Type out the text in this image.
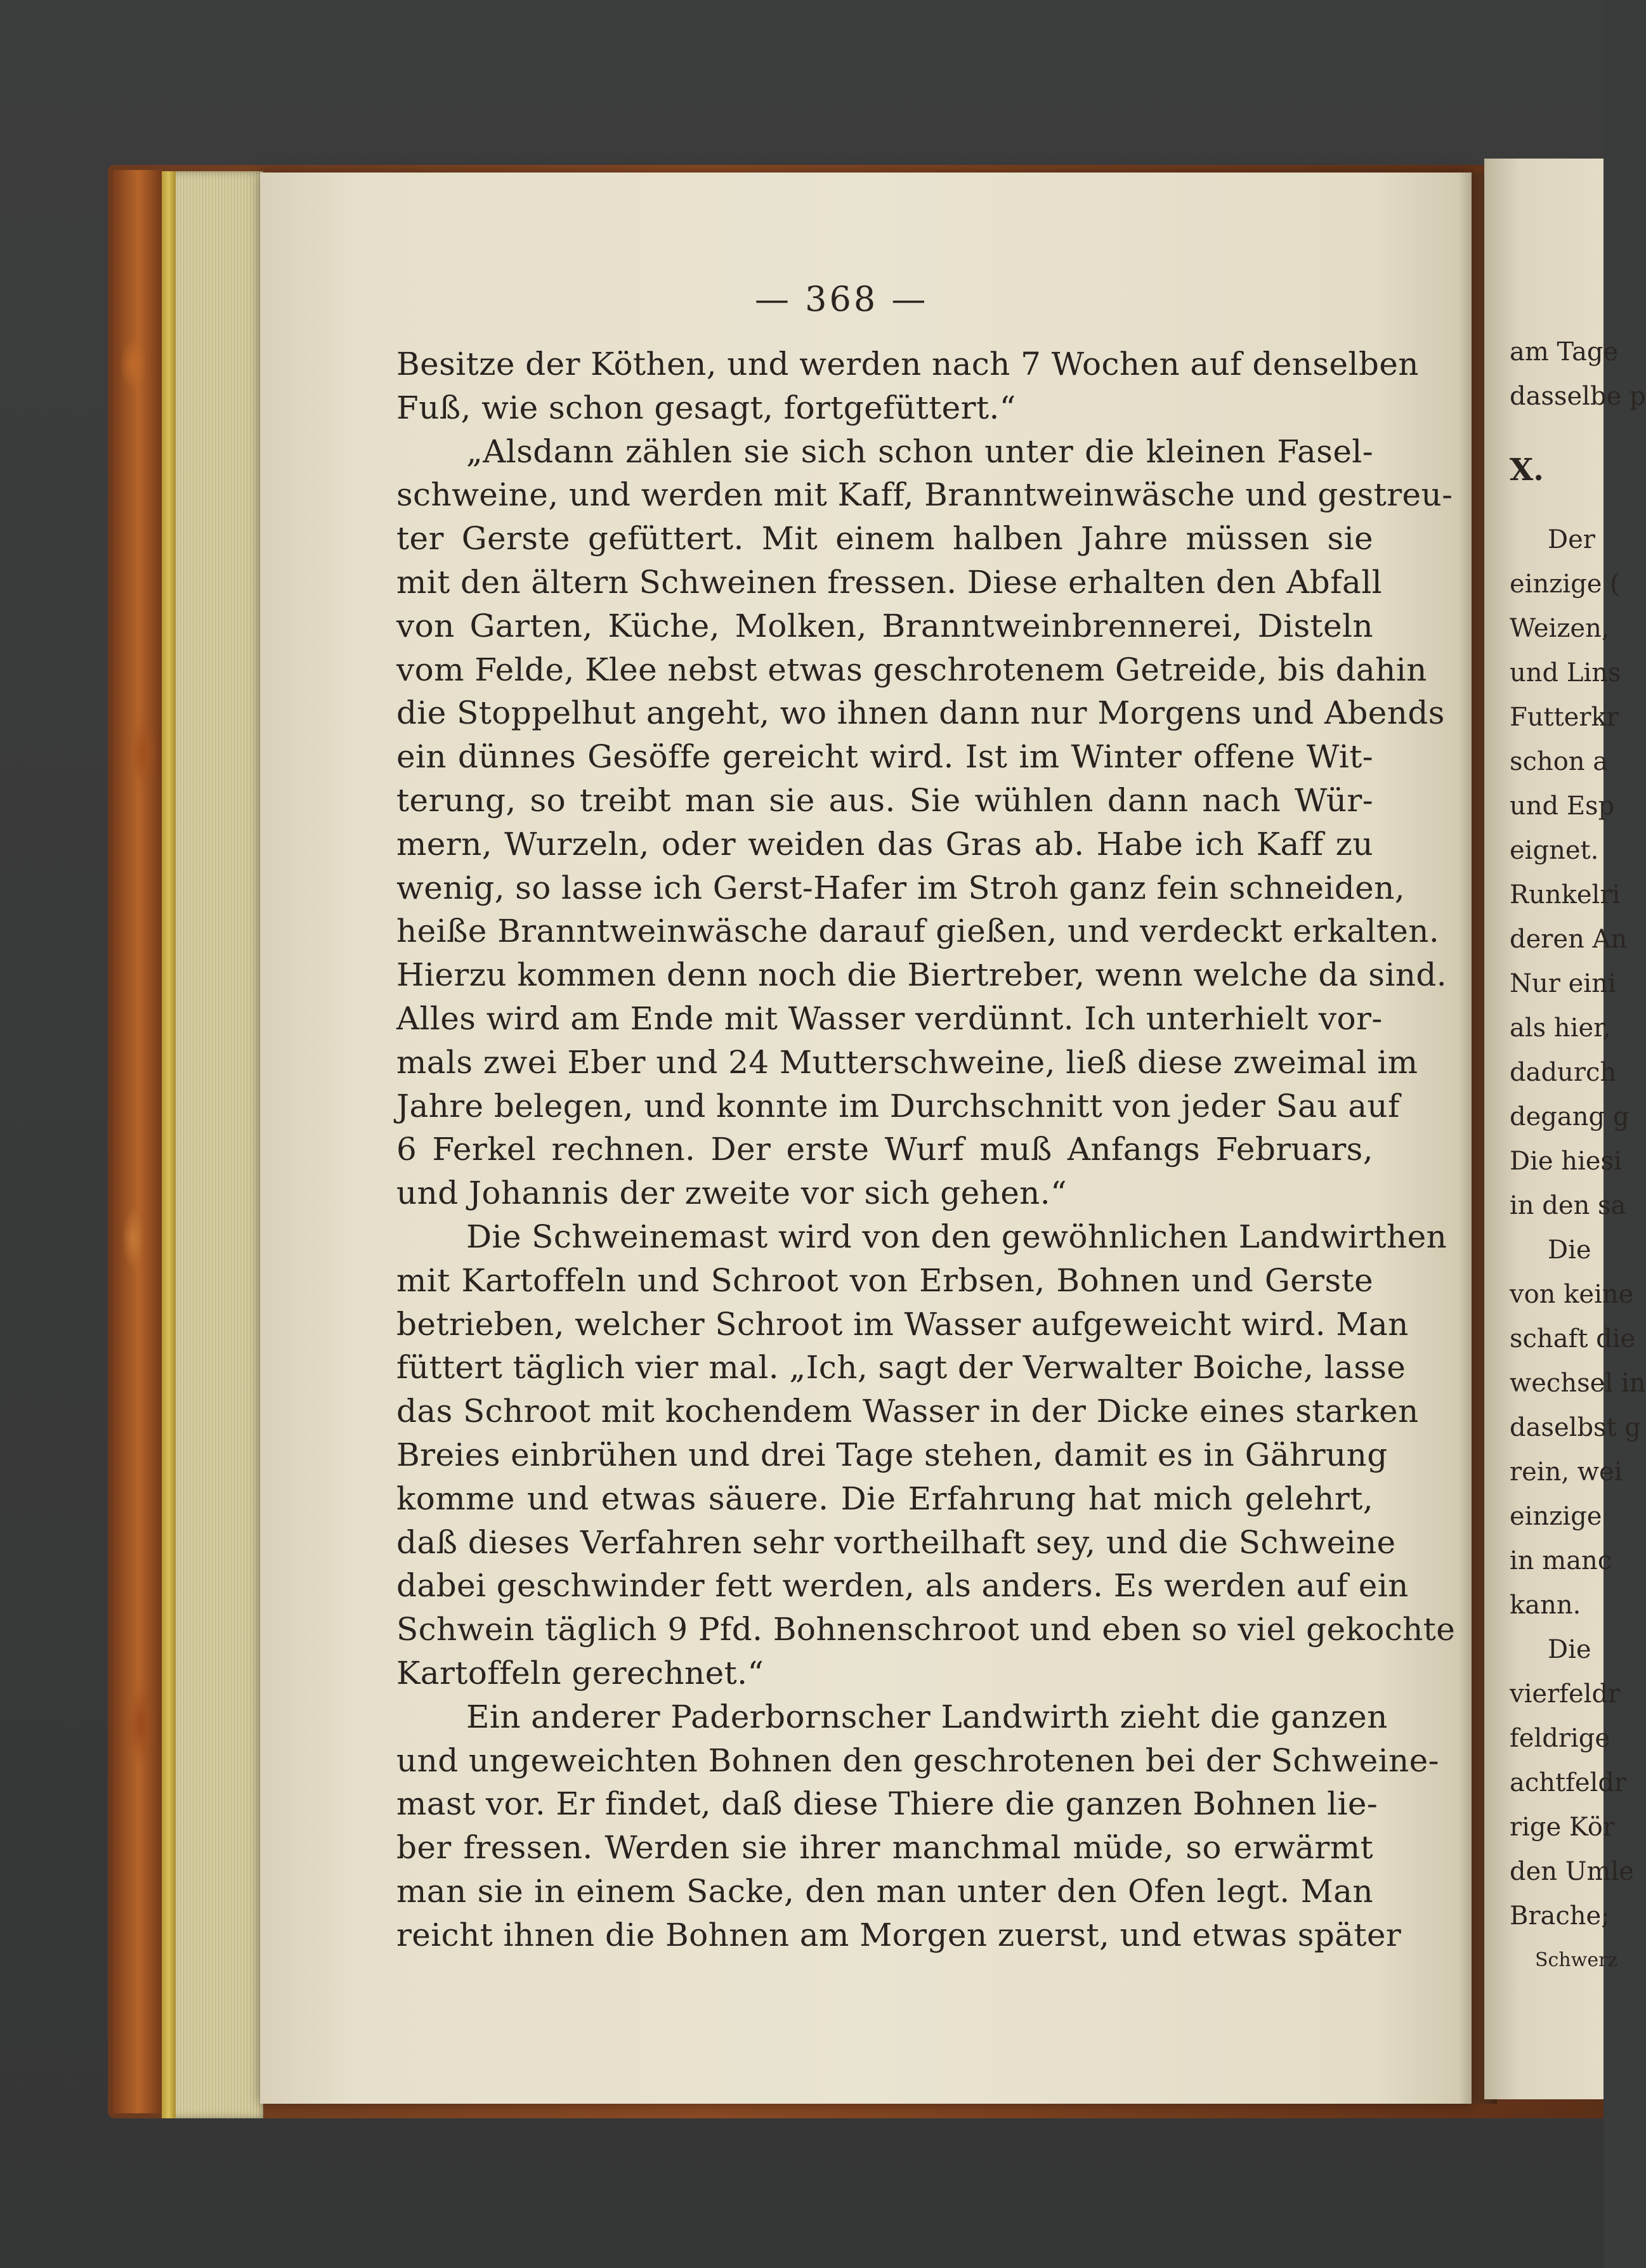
— 368 —
Besitze der Köthen, und werden nach 7 Wochen auf denselben
Fuß, wie schon gesagt, fortgefüttert.“
„Alsdann zählen sie sich schon unter die kleinen Fasel-
schweine, und werden mit Kaff, Branntweinwäsche und gestreu-
ter Gerste gefüttert. Mit einem halben Jahre müssen sie
mit den ältern Schweinen fressen. Diese erhalten den Abfall
von Garten, Küche, Molken, Branntweinbrennerei, Disteln
vom Felde, Klee nebst etwas geschrotenem Getreide, bis dahin
die Stoppelhut angeht, wo ihnen dann nur Morgens und Abends
ein dünnes Gesöffe gereicht wird. Ist im Winter offene Wit-
terung, so treibt man sie aus. Sie wühlen dann nach Wür-
mern, Wurzeln, oder weiden das Gras ab. Habe ich Kaff zu
wenig, so lasse ich Gerst-Hafer im Stroh ganz fein schneiden,
heiße Branntweinwäsche darauf gießen, und verdeckt erkalten.
Hierzu kommen denn noch die Biertreber, wenn welche da sind.
Alles wird am Ende mit Wasser verdünnt. Ich unterhielt vor-
mals zwei Eber und 24 Mutterschweine, ließ diese zweimal im
Jahre belegen, und konnte im Durchschnitt von jeder Sau auf
6 Ferkel rechnen. Der erste Wurf muß Anfangs Februars,
und Johannis der zweite vor sich gehen.“
Die Schweinemast wird von den gewöhnlichen Landwirthen
mit Kartoffeln und Schroot von Erbsen, Bohnen und Gerste
betrieben, welcher Schroot im Wasser aufgeweicht wird. Man
füttert täglich vier mal. „Ich, sagt der Verwalter Boiche, lasse
das Schroot mit kochendem Wasser in der Dicke eines starken
Breies einbrühen und drei Tage stehen, damit es in Gährung
komme und etwas säuere. Die Erfahrung hat mich gelehrt,
daß dieses Verfahren sehr vortheilhaft sey, und die Schweine
dabei geschwinder fett werden, als anders. Es werden auf ein
Schwein täglich 9 Pfd. Bohnenschroot und eben so viel gekochte
Kartoffeln gerechnet.“
Ein anderer Paderbornscher Landwirth zieht die ganzen
und ungeweichten Bohnen den geschrotenen bei der Schweine-
mast vor. Er findet, daß diese Thiere die ganzen Bohnen lie-
ber fressen. Werden sie ihrer manchmal müde, so erwärmt
man sie in einem Sacke, den man unter den Ofen legt. Man
reicht ihnen die Bohnen am Morgen zuerst, und etwas später
am Tage
dasselbe p
X.
Der
einzige (
Weizen,
und Lins
Futterkr
schon a
und Esp
eignet.
Runkelri
deren An
Nur eini
als hier,
dadurch
degang g
Die hiesi
in den sa
Die
von keine
schaft die
wechsel in
daselbst g
rein, wei
einzige
in manc
kann.
Die
vierfeldr
feldrige
achtfeldr
rige Kör
den Umle
Brache;
Schwerz
